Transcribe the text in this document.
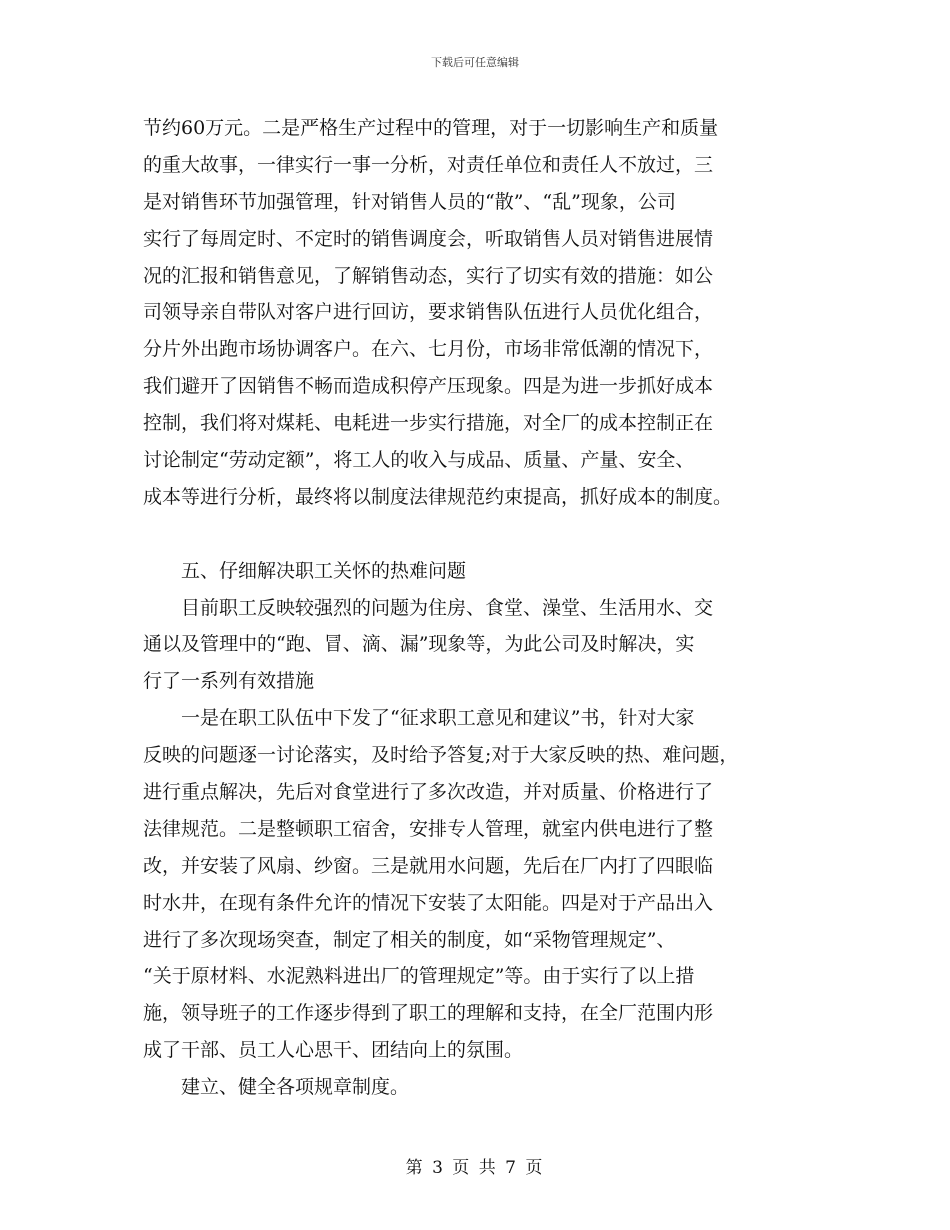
下载后可任意编辑
节约60万元。二是严格生产过程中的管理，对于一切影响生产和质量
的重大故事，一律实行一事一分析，对责任单位和责任人不放过，三
是对销售环节加强管理，针对销售人员的“散”、“乱”现象，公司
实行了每周定时、不定时的销售调度会，听取销售人员对销售进展情
况的汇报和销售意见，了解销售动态，实行了切实有效的措施：如公
司领导亲自带队对客户进行回访，要求销售队伍进行人员优化组合，
分片外出跑市场协调客户。在六、七月份，市场非常低潮的情况下，
我们避开了因销售不畅而造成积停产压现象。四是为进一步抓好成本
控制，我们将对煤耗、电耗进一步实行措施，对全厂的成本控制正在
讨论制定“劳动定额”，将工人的收入与成品、质量、产量、安全、
成本等进行分析，最终将以制度法律规范约束提高，抓好成本的制度。
　　五、仔细解决职工关怀的热难问题
　　目前职工反映较强烈的问题为住房、食堂、澡堂、生活用水、交
通以及管理中的“跑、冒、滴、漏”现象等，为此公司及时解决，实
行了一系列有效措施
　　一是在职工队伍中下发了“征求职工意见和建议”书，针对大家
反映的问题逐一讨论落实，及时给予答复;对于大家反映的热、难问题，
进行重点解决，先后对食堂进行了多次改造，并对质量、价格进行了
法律规范。二是整顿职工宿舍，安排专人管理，就室内供电进行了整
改，并安装了风扇、纱窗。三是就用水问题，先后在厂内打了四眼临
时水井，在现有条件允许的情况下安装了太阳能。四是对于产品出入
进行了多次现场突查，制定了相关的制度，如“采物管理规定”、
“关于原材料、水泥熟料进出厂的管理规定”等。由于实行了以上措
施，领导班子的工作逐步得到了职工的理解和支持，在全厂范围内形
成了干部、员工人心思干、团结向上的氛围。
　　建立、健全各项规章制度。
第 3 页 共 7 页
